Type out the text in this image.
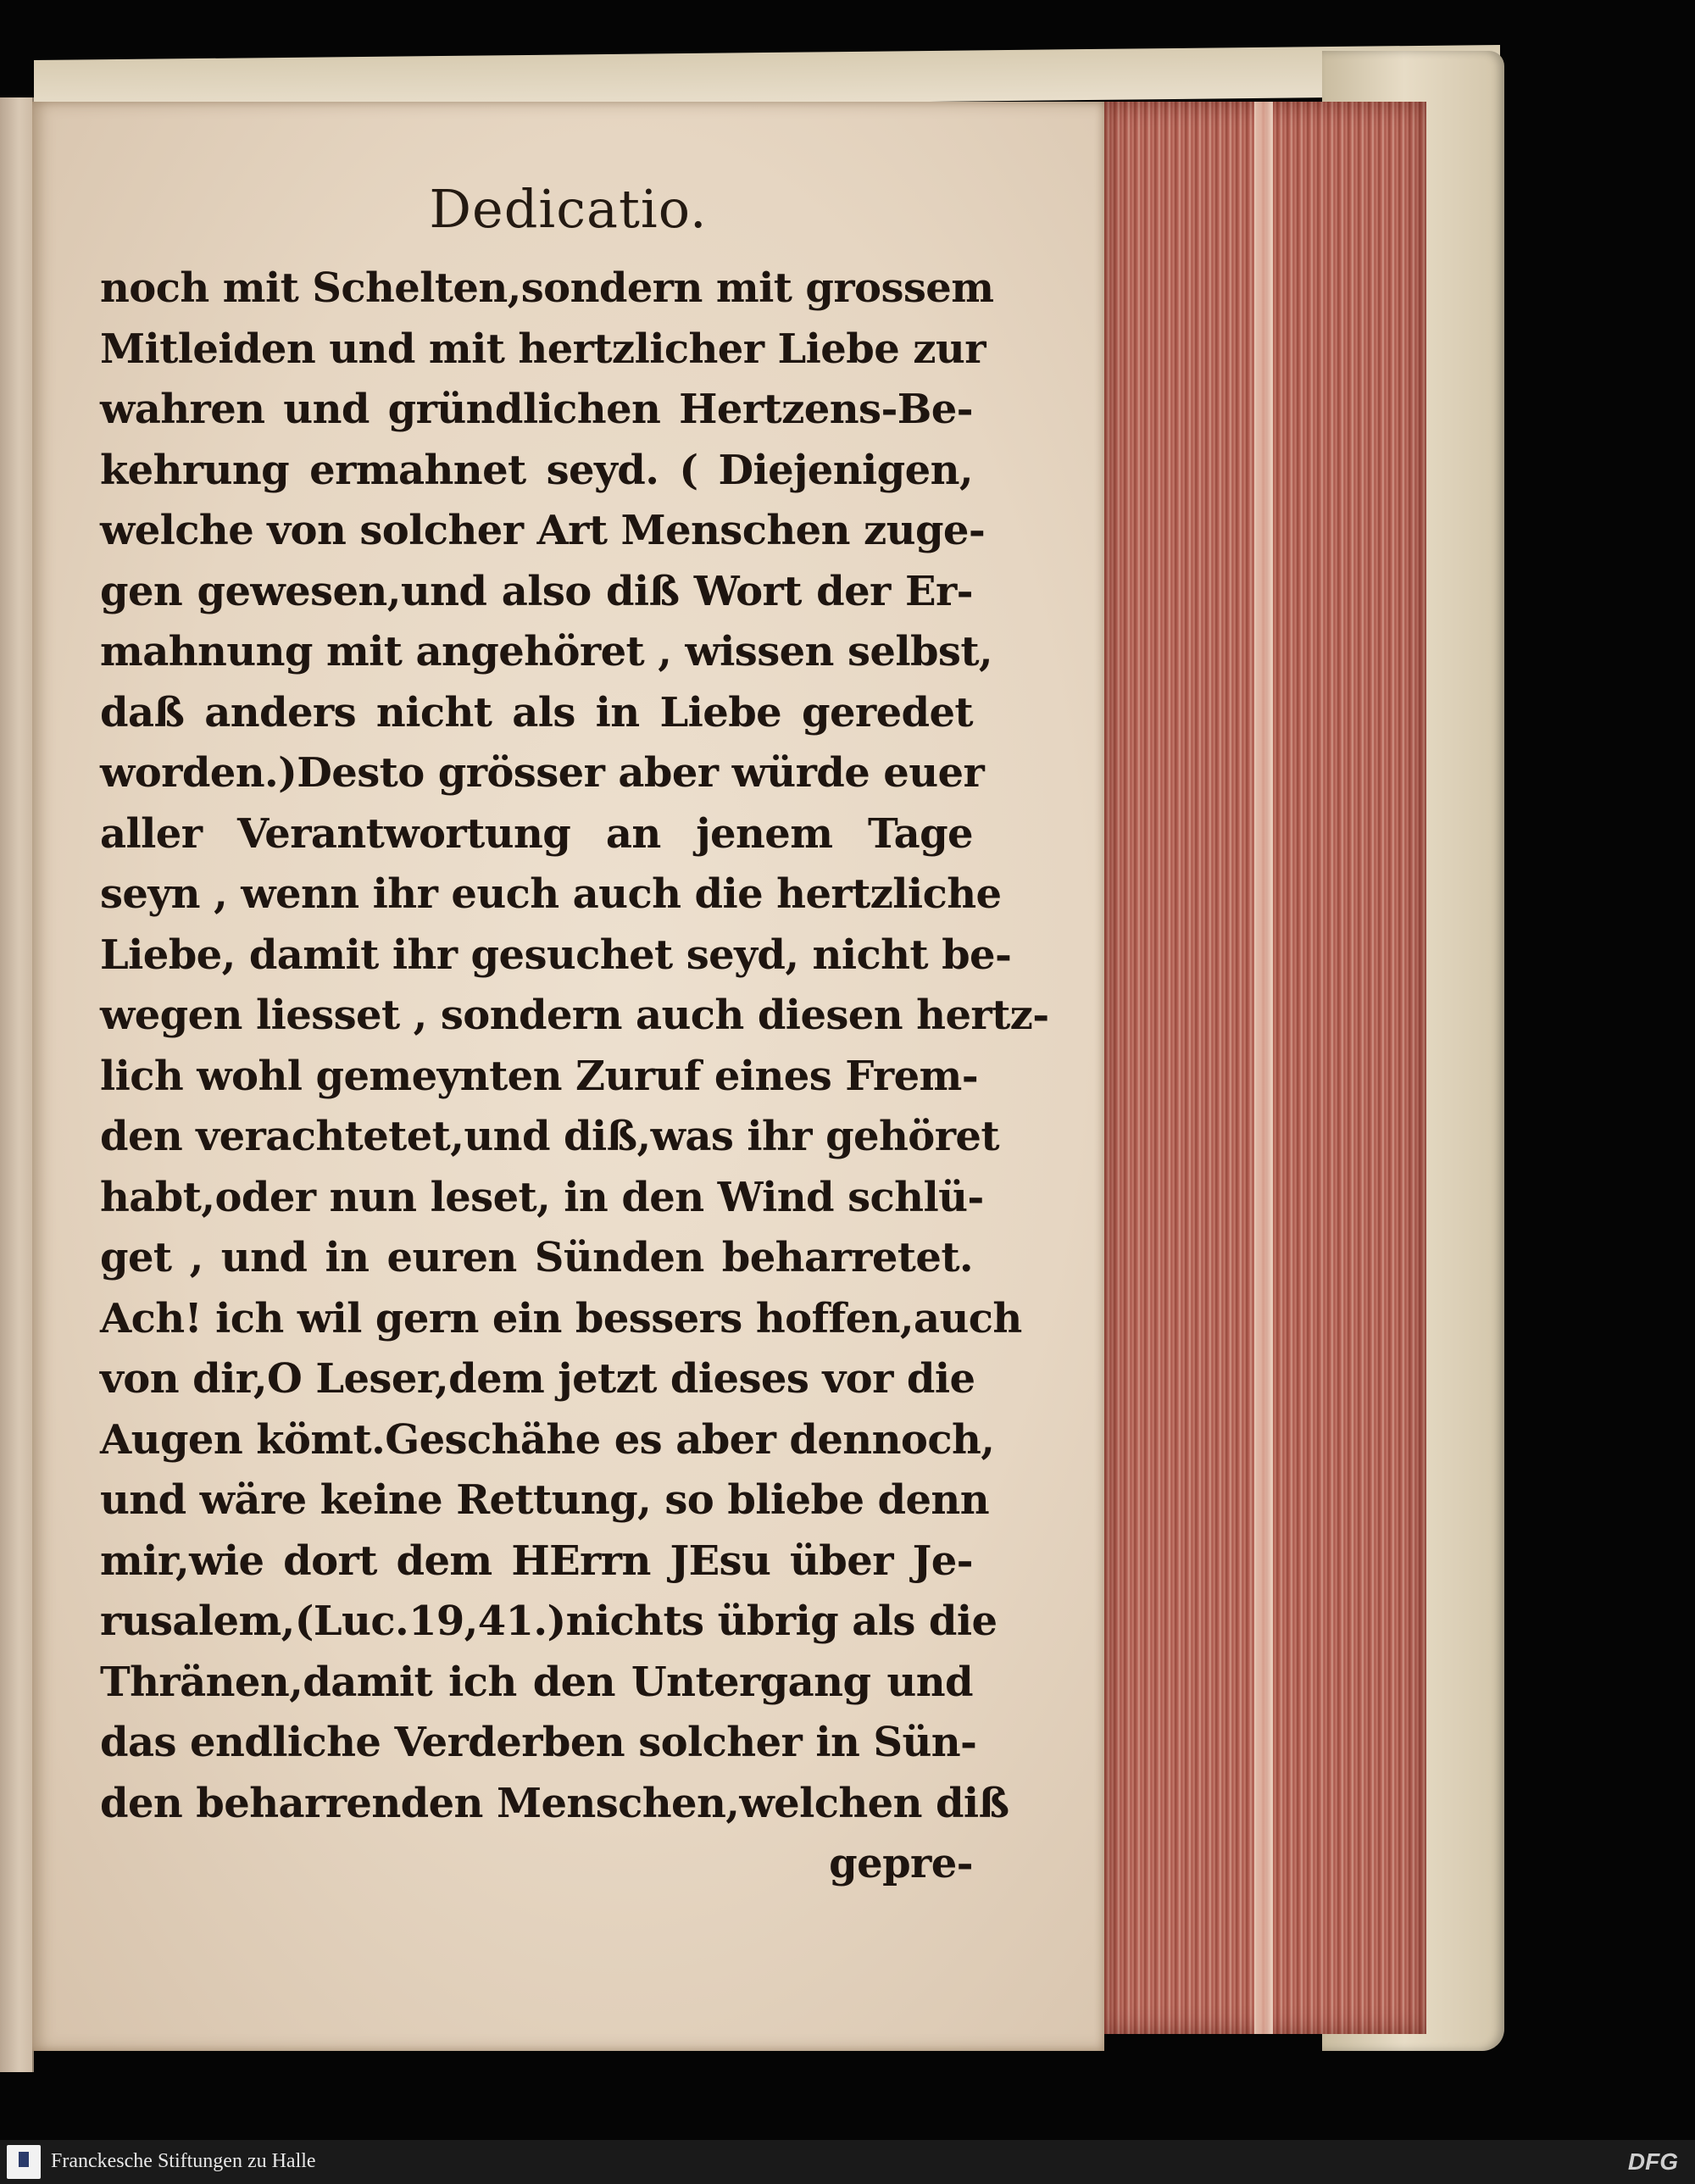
Dedicatio.
noch mit Schelten,sondern mit grossem
Mitleiden und mit hertzlicher Liebe zur
wahren und gründlichen Hertzens-Be-
kehrung ermahnet seyd. ( Diejenigen,
welche von solcher Art Menschen zuge-
gen gewesen,und also diß Wort der Er-
mahnung mit angehöret , wissen selbst,
daß anders nicht als in Liebe geredet
worden.)Desto grösser aber würde euer
aller Verantwortung an jenem Tage
seyn , wenn ihr euch auch die hertzliche
Liebe, damit ihr gesuchet seyd, nicht be-
wegen liesset , sondern auch diesen hertz-
lich wohl gemeynten Zuruf eines Frem-
den verachtetet,und diß,was ihr gehöret
habt,oder nun leset, in den Wind schlü-
get , und in euren Sünden beharretet.
Ach! ich wil gern ein bessers hoffen,auch
von dir,O Leser,dem jetzt dieses vor die
Augen kömt.Geschähe es aber dennoch,
und wäre keine Rettung, so bliebe denn
mir,wie dort dem HErrn JEsu über Je-
rusalem,(Luc.19,41.)nichts übrig als die
Thränen,damit ich den Untergang und
das endliche Verderben solcher in Sün-
den beharrenden Menschen,welchen diß
gepre-
Franckesche Stiftungen zu Halle	DFG
